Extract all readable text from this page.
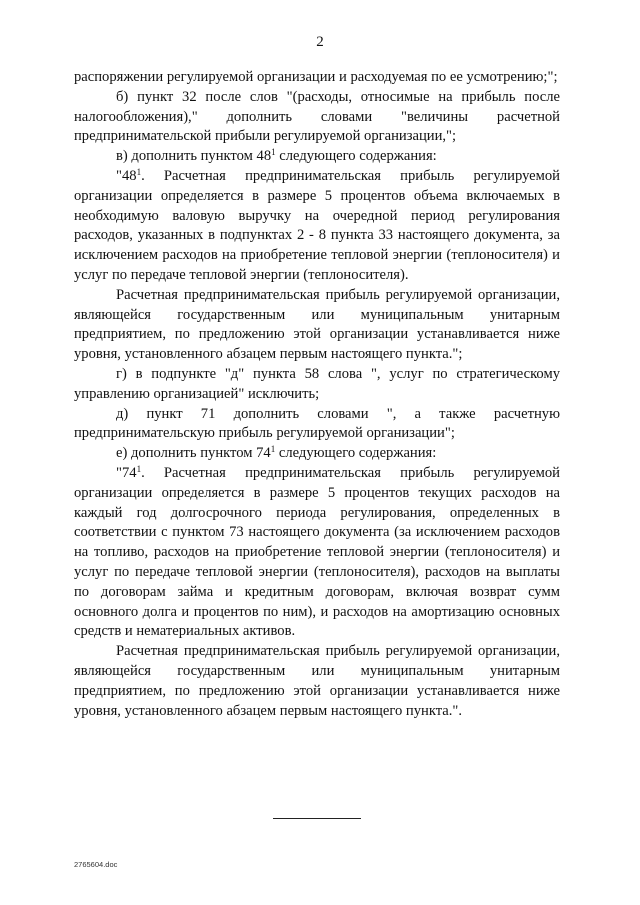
2

распоряжении регулируемой организации и расходуемая по ее усмотрению;";

б) пункт 32 после слов "(расходы, относимые на прибыль после налогообложения)," дополнить словами "величины расчетной предпринимательской прибыли регулируемой организации,";

в) дополнить пунктом $48^1$ следующего содержания:

"$48^1$. Расчетная предпринимательская прибыль регулируемой организации определяется в размере 5 процентов объема включаемых в необходимую валовую выручку на очередной период регулирования расходов, указанных в подпунктах 2 - 8 пункта 33 настоящего документа, за исключением расходов на приобретение тепловой энергии (теплоносителя) и услуг по передаче тепловой энергии (теплоносителя).

Расчетная предпринимательская прибыль регулируемой организации, являющейся государственным или муниципальным унитарным предприятием, по предложению этой организации устанавливается ниже уровня, установленного абзацем первым настоящего пункта.";

г) в подпункте "д" пункта 58 слова ", услуг по стратегическому управлению организацией" исключить;

д) пункт 71 дополнить словами ", а также расчетную предпринимательскую прибыль регулируемой организации";

е) дополнить пунктом $74^1$ следующего содержания:

"$74^1$. Расчетная предпринимательская прибыль регулируемой организации определяется в размере 5 процентов текущих расходов на каждый год долгосрочного периода регулирования, определенных в соответствии с пунктом 73 настоящего документа (за исключением расходов на топливо, расходов на приобретение тепловой энергии (теплоносителя) и услуг по передаче тепловой энергии (теплоносителя), расходов на выплаты по договорам займа и кредитным договорам, включая возврат сумм основного долга и процентов по ним), и расходов на амортизацию основных средств и нематериальных активов.

Расчетная предпринимательская прибыль регулируемой организации, являющейся государственным или муниципальным унитарным предприятием, по предложению этой организации устанавливается ниже уровня, установленного абзацем первым настоящего пункта.".

2765604.doc
